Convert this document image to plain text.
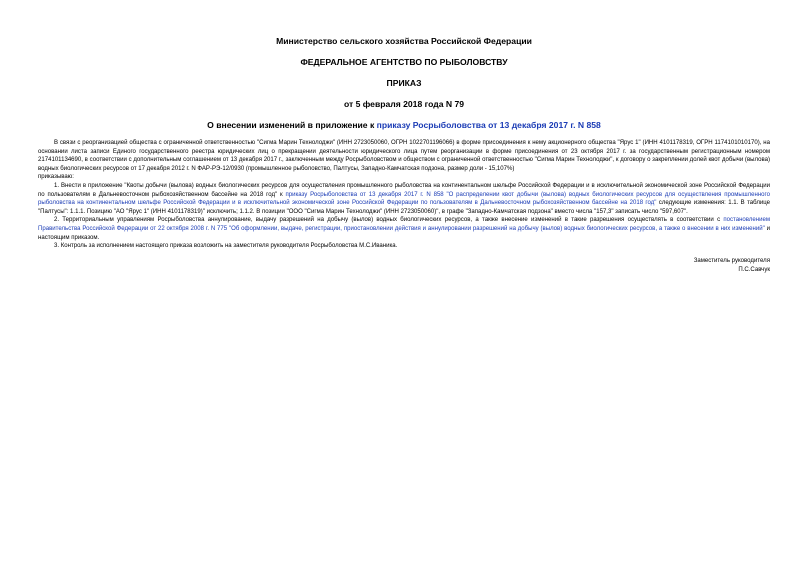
Министерство сельского хозяйства Российской Федерации
ФЕДЕРАЛЬНОЕ АГЕНТСТВО ПО РЫБОЛОВСТВУ
ПРИКАЗ
от 5 февраля 2018 года N 79
О внесении изменений в приложение к приказу Росрыболовства от 13 декабря 2017 г. N 858

В связи с реорганизацией общества с ограниченной ответственностью "Сигма Марин Технолоджи" (ИНН 2723050060, ОГРН 1022701196066) в форме присоединения к нему акционерного общества "Ярус 1" (ИНН 4101178319, ОГРН 1174101010170), на основании листа записи Единого государственного реестра юридических лиц о прекращении деятельности юридического лица путем реорганизации в форме присоединения от 23 октября 2017 г. за государственным регистрационным номером 2174101134690, в соответствии с дополнительным соглашением от 13 декабря 2017 г., заключенным между Росрыболовством и обществом с ограниченной ответственностью "Сигма Марин Технолоджи", к договору о закреплении долей квот добычи (вылова) водных биологических ресурсов от 17 декабря 2012 г. N ФАР-РЭ-12/0930 (промышленное рыболовство, Палтусы, Западно-Камчатская подзона, размер доли - 15,107%)

приказываю:

1. Внести в приложение "Квоты добычи (вылова) водных биологических ресурсов для осуществления промышленного рыболовства на континентальном шельфе Российской Федерации и в исключительной экономической зоне Российской Федерации по пользователям в Дальневосточном рыбохозяйственном бассейне на 2018 год" к приказу Росрыболовства от 13 декабря 2017 г. N 858 "О распределении квот добычи (вылова) водных биологических ресурсов для осуществления промышленного рыболовства на континентальном шельфе Российской Федерации и в исключительной экономической зоне Российской Федерации по пользователям в Дальневосточном рыбохозяйственном бассейне на 2018 год" следующие изменения: 1.1. В таблице "Палтусы": 1.1.1. Позицию "АО "Ярус 1" (ИНН 4101178319)" исключить; 1.1.2. В позиции "ООО "Сигма Марин Технолоджи" (ИНН 2723050060)", в графе "Западно-Камчатская подзона" вместо числа "157,3" записать число "597,607".

2. Территориальным управлениям Росрыболовства аннулирование, выдачу разрешений на добычу (вылов) водных биологических ресурсов, а также внесение изменений в такие разрешения осуществлять в соответствии с постановлением Правительства Российской Федерации от 22 октября 2008 г. N 775 "Об оформлении, выдаче, регистрации, приостановлении действия и аннулировании разрешений на добычу (вылов) водных биологических ресурсов, а также о внесении в них изменений" и настоящим приказом.

3. Контроль за исполнением настоящего приказа возложить на заместителя руководителя Росрыболовства М.С.Иваника.

Заместитель руководителя
П.С.Савчук
